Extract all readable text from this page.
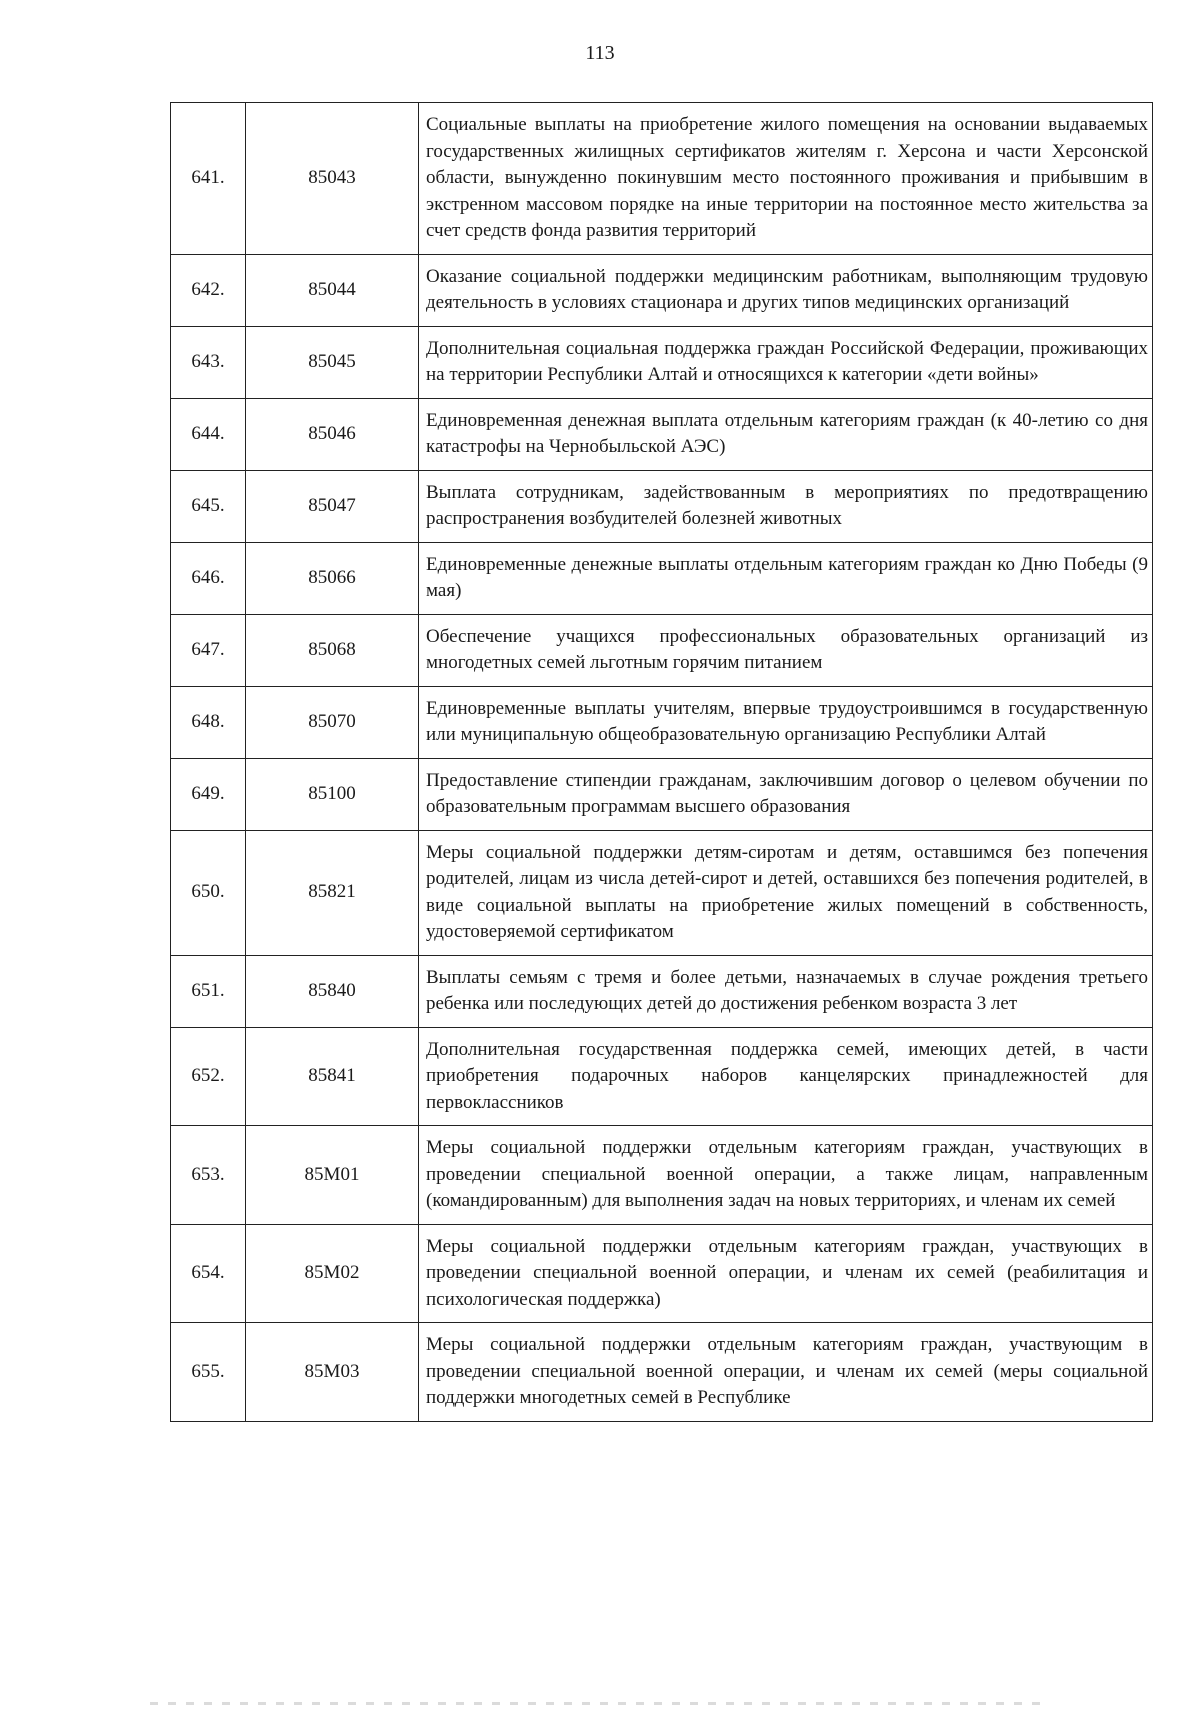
113
641.	85043	Социальные выплаты на приобретение жилого помещения на основании выдаваемых государственных жилищных сертификатов жителям г. Херсона и части Херсонской области, вынужденно покинувшим место постоянного проживания и прибывшим в экстренном массовом порядке на иные территории на постоянное место жительства за счет средств фонда развития территорий
642.	85044	Оказание социальной поддержки медицинским работникам, выполняющим трудовую деятельность в условиях стационара и других типов медицинских организаций
643.	85045	Дополнительная социальная поддержка граждан Российской Федерации, проживающих на территории Республики Алтай и относящихся к категории «дети войны»
644.	85046	Единовременная денежная выплата отдельным категориям граждан (к 40-летию со дня катастрофы на Чернобыльской АЭС)
645.	85047	Выплата сотрудникам, задействованным в мероприятиях по предотвращению распространения возбудителей болезней животных
646.	85066	Единовременные денежные выплаты отдельным категориям граждан ко Дню Победы (9 мая)
647.	85068	Обеспечение учащихся профессиональных образовательных организаций из многодетных семей льготным горячим питанием
648.	85070	Единовременные выплаты учителям, впервые трудоустроившимся в государственную или муниципальную общеобразовательную организацию Республики Алтай
649.	85100	Предоставление стипендии гражданам, заключившим договор о целевом обучении по образовательным программам высшего образования
650.	85821	Меры социальной поддержки детям-сиротам и детям, оставшимся без попечения родителей, лицам из числа детей-сирот и детей, оставшихся без попечения родителей, в виде социальной выплаты на приобретение жилых помещений в собственность, удостоверяемой сертификатом
651.	85840	Выплаты семьям с тремя и более детьми, назначаемых в случае рождения третьего ребенка или последующих детей до достижения ребенком возраста 3 лет
652.	85841	Дополнительная государственная поддержка семей, имеющих детей, в части приобретения подарочных наборов канцелярских принадлежностей для первоклассников
653.	85М01	Меры социальной поддержки отдельным категориям граждан, участвующих в проведении специальной военной операции, а также лицам, направленным (командированным) для выполнения задач на новых территориях, и членам их семей
654.	85М02	Меры социальной поддержки отдельным категориям граждан, участвующих в проведении специальной военной операции, и членам их семей (реабилитация и психологическая поддержка)
655.	85М03	Меры социальной поддержки отдельным категориям граждан, участвующим в проведении специальной военной операции, и членам их семей (меры социальной поддержки многодетных семей в Республике
